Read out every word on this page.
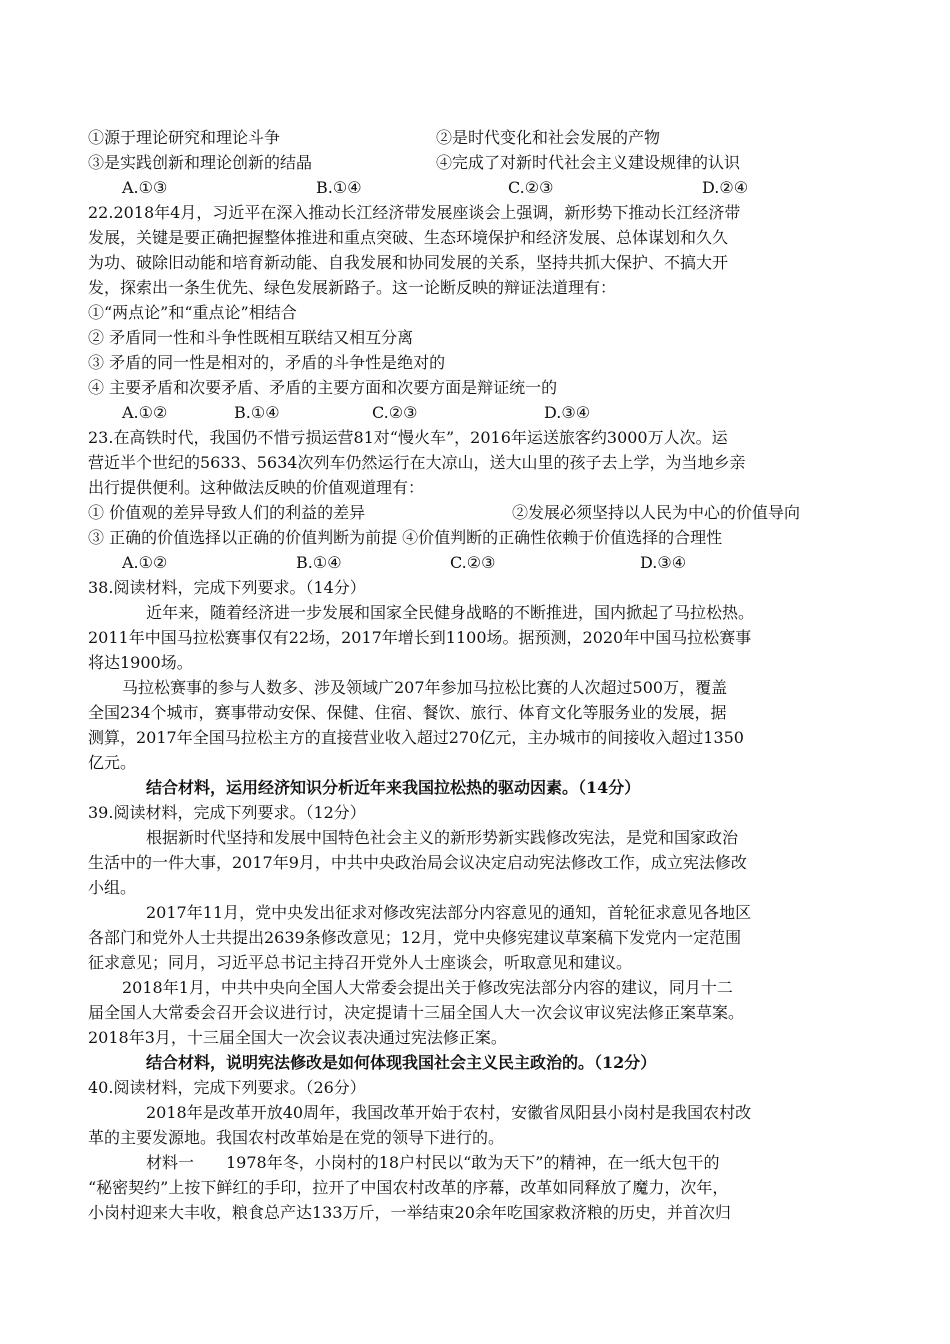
①源于理论研究和理论斗争	②是时代变化和社会发展的产物
③是实践创新和理论创新的结晶	④完成了对新时代社会主义建设规律的认识
A.①③	B.①④	C.②③	D.②④
22.2018年4月，习近平在深入推动长江经济带发展座谈会上强调，新形势下推动长江经济带
发展，关键是要正确把握整体推进和重点突破、生态环境保护和经济发展、总体谋划和久久
为功、破除旧动能和培育新动能、自我发展和协同发展的关系，坚持共抓大保护、不搞大开
发，探索出一条生优先、绿色发展新路子。这一论断反映的辩证法道理有：
①“两点论”和“重点论”相结合
② 矛盾同一性和斗争性既相互联结又相互分离
③ 矛盾的同一性是相对的，矛盾的斗争性是绝对的
④ 主要矛盾和次要矛盾、矛盾的主要方面和次要方面是辩证统一的
A.①②	B.①④	C.②③	D.③④
23.在高铁时代，我国仍不惜亏损运营81对“慢火车”，2016年运送旅客约3000万人次。运
营近半个世纪的5633、5634次列车仍然运行在大凉山，送大山里的孩子去上学，为当地乡亲
出行提供便利。这种做法反映的价值观道理有：
① 价值观的差异导致人们的利益的差异	②发展必须坚持以人民为中心的价值导向
③ 正确的价值选择以正确的价值判断为前提 ④价值判断的正确性依赖于价值选择的合理性
A.①②	B.①④	C.②③	D.③④
38.阅读材料，完成下列要求。（14分）
近年来，随着经济进一步发展和国家全民健身战略的不断推进，国内掀起了马拉松热。
2011年中国马拉松赛事仅有22场，2017年增长到1100场。据预测，2020年中国马拉松赛事
将达1900场。
马拉松赛事的参与人数多、涉及领域广207年参加马拉松比赛的人次超过500万，覆盖
全国234个城市，赛事带动安保、保健、住宿、餐饮、旅行、体育文化等服务业的发展，据
测算，2017年全国马拉松主方的直接营业收入超过270亿元，主办城市的间接收入超过1350
亿元。
结合材料，运用经济知识分析近年来我国拉松热的驱动因素。（14分）
39.阅读材料，完成下列要求。（12分）
根据新时代坚持和发展中国特色社会主义的新形势新实践修改宪法，是党和国家政治
生活中的一件大事，2017年9月，中共中央政治局会议决定启动宪法修改工作，成立宪法修改
小组。
2017年11月，党中央发出征求对修改宪法部分内容意见的通知，首轮征求意见各地区
各部门和党外人士共提出2639条修改意见；12月，党中央修宪建议草案稿下发党内一定范围
征求意见；同月，习近平总书记主持召开党外人士座谈会，听取意见和建议。
2018年1月，中共中央向全国人大常委会提出关于修改宪法部分内容的建议，同月十二
届全国人大常委会召开会议进行讨，决定提请十三届全国人大一次会议审议宪法修正案草案。
2018年3月，十三届全国大一次会议表决通过宪法修正案。
结合材料，说明宪法修改是如何体现我国社会主义民主政治的。（12分）
40.阅读材料，完成下列要求。（26分）
2018年是改革开放40周年，我国改革开始于农村，安徽省凤阳县小岗村是我国农村改
革的主要发源地。我国农村改革始是在党的领导下进行的。
材料一　　1978年冬，小岗村的18户村民以“敢为天下”的精神，在一纸大包干的
“秘密契约”上按下鲜红的手印，拉开了中国农村改革的序幕，改革如同释放了魔力，次年，
小岗村迎来大丰收，粮食总产达133万斤，一举结束20余年吃国家救济粮的历史，并首次归
